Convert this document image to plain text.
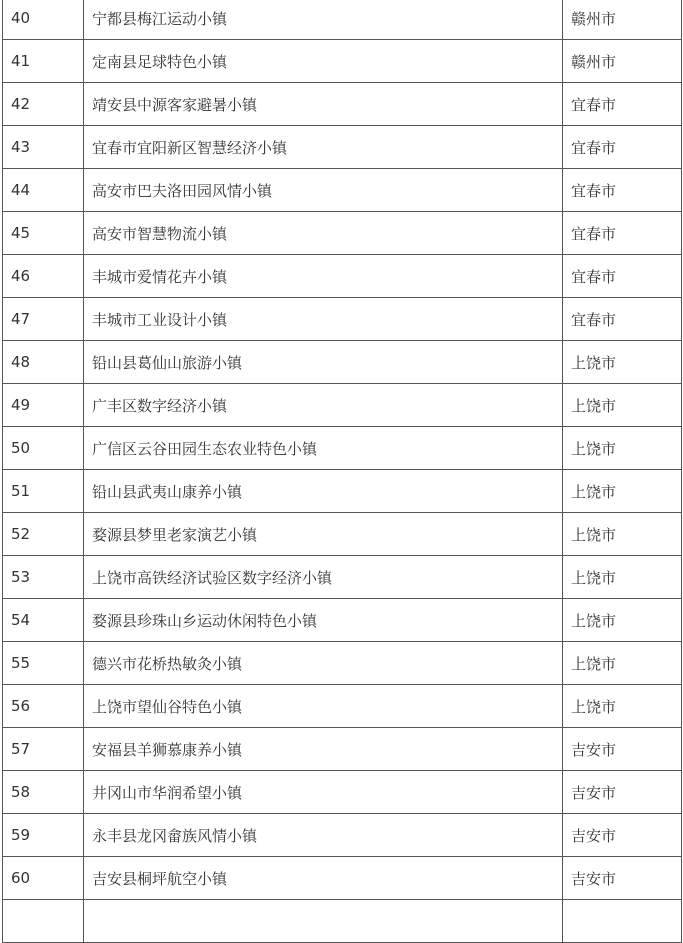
40	宁都县梅江运动小镇	赣州市
41	定南县足球特色小镇	赣州市
42	靖安县中源客家避暑小镇	宜春市
43	宜春市宜阳新区智慧经济小镇	宜春市
44	高安市巴夫洛田园风情小镇	宜春市
45	高安市智慧物流小镇	宜春市
46	丰城市爱情花卉小镇	宜春市
47	丰城市工业设计小镇	宜春市
48	铅山县葛仙山旅游小镇	上饶市
49	广丰区数字经济小镇	上饶市
50	广信区云谷田园生态农业特色小镇	上饶市
51	铅山县武夷山康养小镇	上饶市
52	婺源县梦里老家演艺小镇	上饶市
53	上饶市高铁经济试验区数字经济小镇	上饶市
54	婺源县珍珠山乡运动休闲特色小镇	上饶市
55	德兴市花桥热敏灸小镇	上饶市
56	上饶市望仙谷特色小镇	上饶市
57	安福县羊狮慕康养小镇	吉安市
58	井冈山市华润希望小镇	吉安市
59	永丰县龙冈畲族风情小镇	吉安市
60	吉安县桐坪航空小镇	吉安市
